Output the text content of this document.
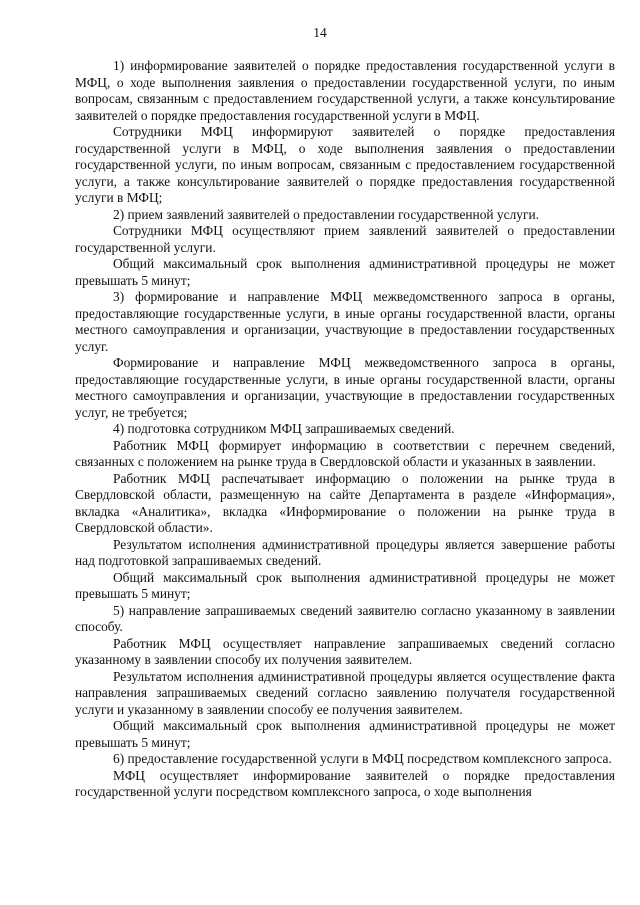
14

1) информирование заявителей о порядке предоставления государственной услуги в МФЦ, о ходе выполнения заявления о предоставлении государственной услуги, по иным вопросам, связанным с предоставлением государственной услуги, а также консультирование заявителей о порядке предоставления государственной услуги в МФЦ.

Сотрудники МФЦ информируют заявителей о порядке предоставления государственной услуги в МФЦ, о ходе выполнения заявления о предоставлении государственной услуги, по иным вопросам, связанным с предоставлением государственной услуги, а также консультирование заявителей о порядке предоставления государственной услуги в МФЦ;

2) прием заявлений заявителей о предоставлении государственной услуги.

Сотрудники МФЦ осуществляют прием заявлений заявителей о предоставлении государственной услуги.

Общий максимальный срок выполнения административной процедуры не может превышать 5 минут;

3) формирование и направление МФЦ межведомственного запроса в органы, предоставляющие государственные услуги, в иные органы государственной власти, органы местного самоуправления и организации, участвующие в предоставлении государственных услуг.

Формирование и направление МФЦ межведомственного запроса в органы, предоставляющие государственные услуги, в иные органы государственной власти, органы местного самоуправления и организации, участвующие в предоставлении государственных услуг, не требуется;

4) подготовка сотрудником МФЦ запрашиваемых сведений.

Работник МФЦ формирует информацию в соответствии с перечнем сведений, связанных с положением на рынке труда в Свердловской области и указанных в заявлении.

Работник МФЦ распечатывает информацию о положении на рынке труда в Свердловской области, размещенную на сайте Департамента в разделе «Информация», вкладка «Аналитика», вкладка «Информирование о положении на рынке труда в Свердловской области».

Результатом исполнения административной процедуры является завершение работы над подготовкой запрашиваемых сведений.

Общий максимальный срок выполнения административной процедуры не может превышать 5 минут;

5) направление запрашиваемых сведений заявителю согласно указанному в заявлении способу.

Работник МФЦ осуществляет направление запрашиваемых сведений согласно указанному в заявлении способу их получения заявителем.

Результатом исполнения административной процедуры является осуществление факта направления запрашиваемых сведений согласно заявлению получателя государственной услуги и указанному в заявлении способу ее получения заявителем.

Общий максимальный срок выполнения административной процедуры не может превышать 5 минут;

6) предоставление государственной услуги в МФЦ посредством комплексного запроса.

МФЦ осуществляет информирование заявителей о порядке предоставления государственной услуги посредством комплексного запроса, о ходе выполнения
